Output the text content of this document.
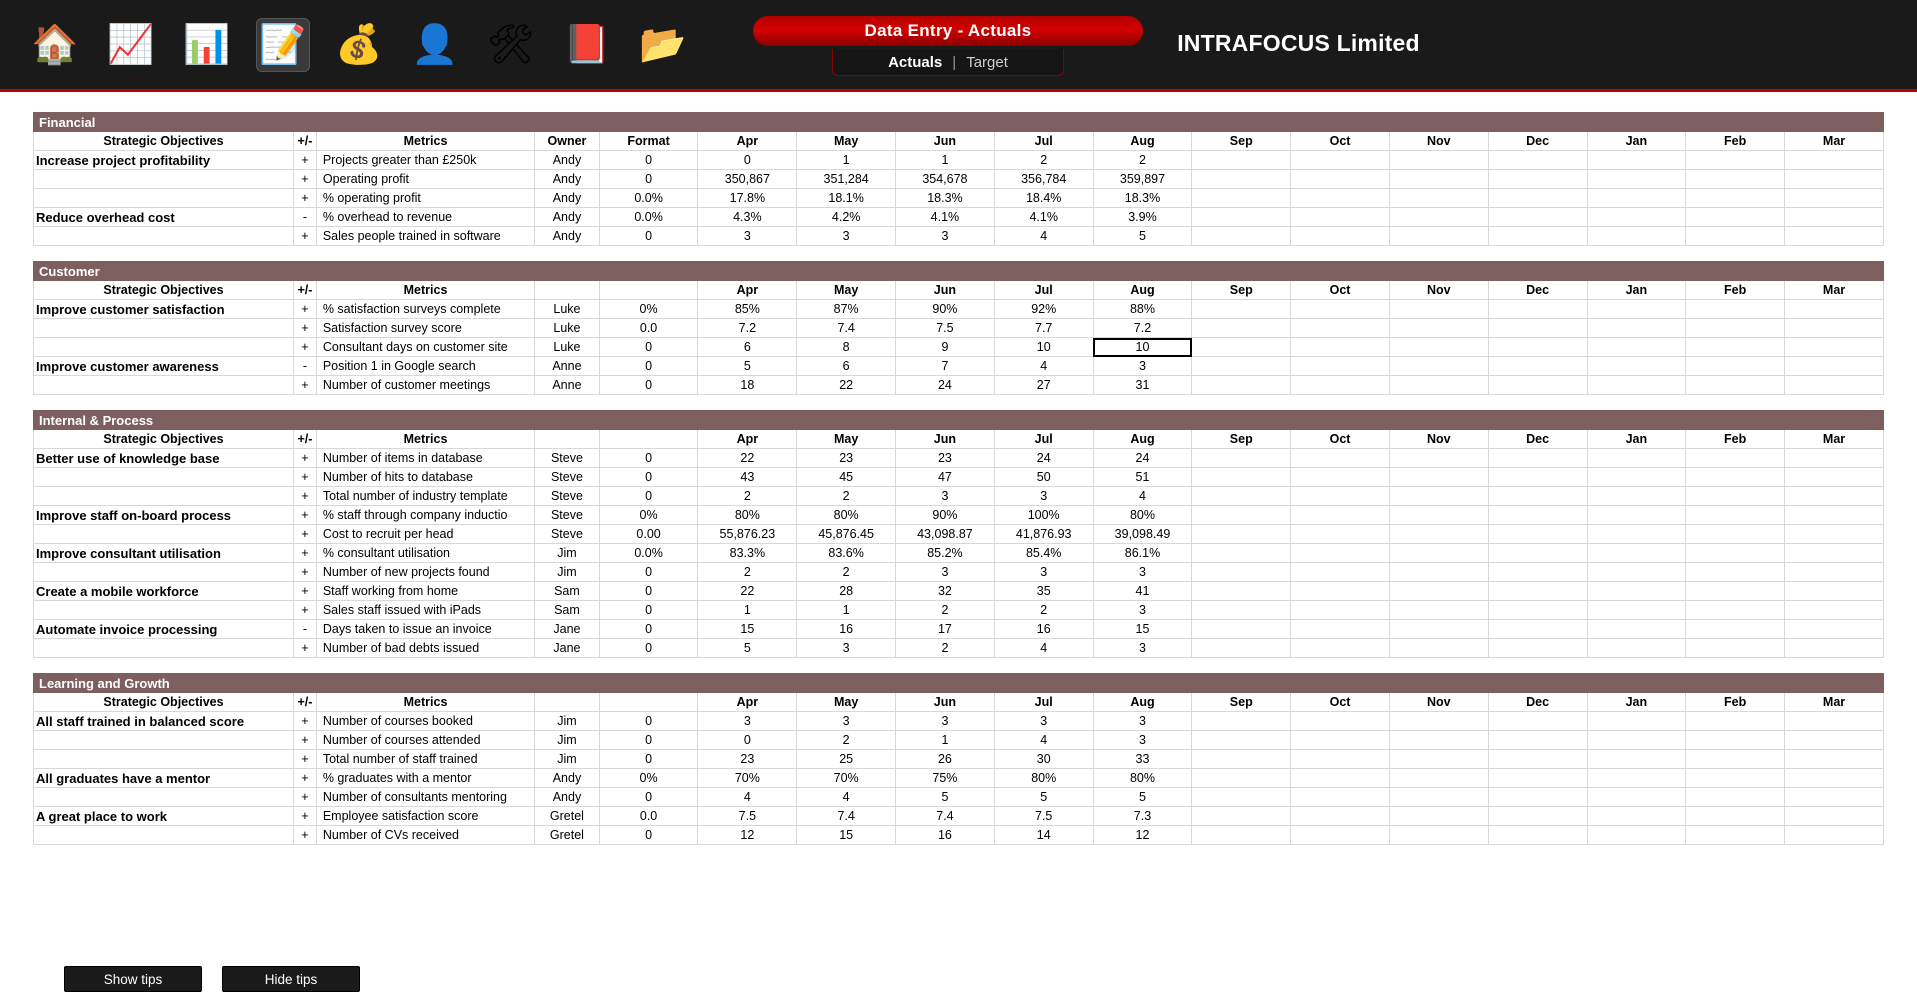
🏠 📈 📊 📝 💰 👤 🛠 📕 📂	Data Entry - Actuals
Actuals | Target
INTRAFOCUS Limited
Financial																
Strategic Objectives	+/-	Metrics	Owner	Format	Apr	May	Jun	Jul	Aug	Sep	Oct	Nov	Dec	Jan	Feb	Mar
Increase project profitability	+	Projects greater than £250k	Andy	0	0	1	1	2	2							
	+	Operating profit	Andy	0	350,867	351,284	354,678	356,784	359,897							
	+	% operating profit	Andy	0.0%	17.8%	18.1%	18.3%	18.4%	18.3%							
Reduce overhead cost	-	% overhead to revenue	Andy	0.0%	4.3%	4.2%	4.1%	4.1%	3.9%							
	+	Sales people trained in software	Andy	0	3	3	3	4	5							

Customer																
Strategic Objectives	+/-	Metrics			Apr	May	Jun	Jul	Aug	Sep	Oct	Nov	Dec	Jan	Feb	Mar
Improve customer satisfaction	+	% satisfaction surveys complete	Luke	0%	85%	87%	90%	92%	88%							
	+	Satisfaction survey score	Luke	0.0	7.2	7.4	7.5	7.7	7.2							
	+	Consultant days on customer site	Luke	0	6	8	9	10	10							
Improve customer awareness	-	Position 1 in Google search	Anne	0	5	6	7	4	3							
	+	Number of customer meetings	Anne	0	18	22	24	27	31							

Internal & Process																
Strategic Objectives	+/-	Metrics			Apr	May	Jun	Jul	Aug	Sep	Oct	Nov	Dec	Jan	Feb	Mar
Better use of knowledge base	+	Number of items in database	Steve	0	22	23	23	24	24							
	+	Number of hits to database	Steve	0	43	45	47	50	51							
	+	Total number of industry template	Steve	0	2	2	3	3	4							
Improve staff on-board process	+	% staff through company inductio	Steve	0%	80%	80%	90%	100%	80%							
	+	Cost to recruit per head	Steve	0.00	55,876.23	45,876.45	43,098.87	41,876.93	39,098.49							
Improve consultant utilisation	+	% consultant utilisation	Jim	0.0%	83.3%	83.6%	85.2%	85.4%	86.1%							
	+	Number of new projects found	Jim	0	2	2	3	3	3							
Create a mobile workforce	+	Staff working from home	Sam	0	22	28	32	35	41							
	+	Sales staff issued with iPads	Sam	0	1	1	2	2	3							
Automate invoice processing	-	Days taken to issue an invoice	Jane	0	15	16	17	16	15							
	+	Number of bad debts issued	Jane	0	5	3	2	4	3							

Learning and Growth																
Strategic Objectives	+/-	Metrics			Apr	May	Jun	Jul	Aug	Sep	Oct	Nov	Dec	Jan	Feb	Mar
All staff trained in balanced score	+	Number of courses booked	Jim	0	3	3	3	3	3							
	+	Number of courses attended	Jim	0	0	2	1	4	3							
	+	Total number of staff trained	Jim	0	23	25	26	30	33							
All graduates have a mentor	+	% graduates with a mentor	Andy	0%	70%	70%	75%	80%	80%							
	+	Number of consultants mentoring	Andy	0	4	4	5	5	5							
A great place to work	+	Employee satisfaction score	Gretel	0.0	7.5	7.4	7.4	7.5	7.3							
	+	Number of CVs received	Gretel	0	12	15	16	14	12							
Show tips	Hide tips
